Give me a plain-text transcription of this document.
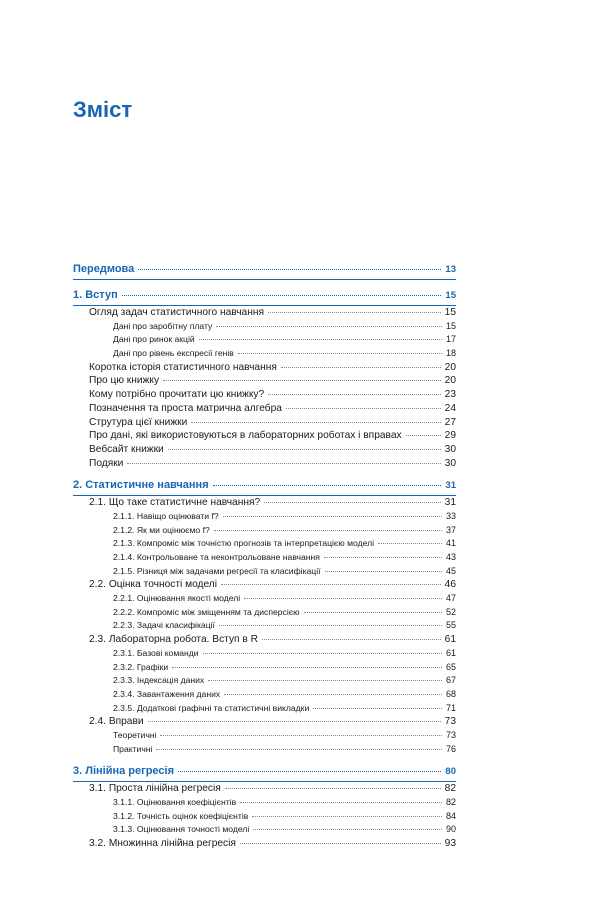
Зміст
Передмова	13
1. Вступ	15
Огляд задач статистичного навчання	15
Дані про заробітну плату	15
Дані про ринок акцій	17
Дані про рівень експресії генів	18
Коротка історія статистичного навчання	20
Про цю книжку	20
Кому потрібно прочитати цю книжку?	23
Позначення та проста матрична алгебра	24
Струтура цієї книжки	27
Про дані, які використовуються в лабораторних роботах і вправах	29
Вебсайт книжки	30
Подяки	30
2. Статистичне навчання	31
2.1. Що таке статистичне навчання?	31
2.1.1. Навіщо оцінювати f?	33
2.1.2. Як ми оцінюємо f?	37
2.1.3. Компроміс між точністю прогнозів та інтерпретацією моделі	41
2.1.4. Контрольоване та неконтрольоване навчання	43
2.1.5. Різниця між задачами регресії та класифікації	45
2.2. Оцінка точності моделі	46
2.2.1. Оцінювання якості моделі	47
2.2.2. Компроміс між зміщенням та дисперсією	52
2.2.3. Задачі класифікації	55
2.3. Лабораторна робота. Вступ в R	61
2.3.1. Базові команди	61
2.3.2. Графіки	65
2.3.3. Індексація даних	67
2.3.4. Завантаження даних	68
2.3.5. Додаткові графічні та статистичні викладки	71
2.4. Вправи	73
Теоретичні	73
Практичні	76
3. Лінійна регресія	80
3.1. Проста лінійна регресія	82
3.1.1. Оцінювання коефіцієнтів	82
3.1.2. Точність оцінок коефіцієнтів	84
3.1.3. Оцінювання точності моделі	90
3.2. Множинна лінійна регресія	93
